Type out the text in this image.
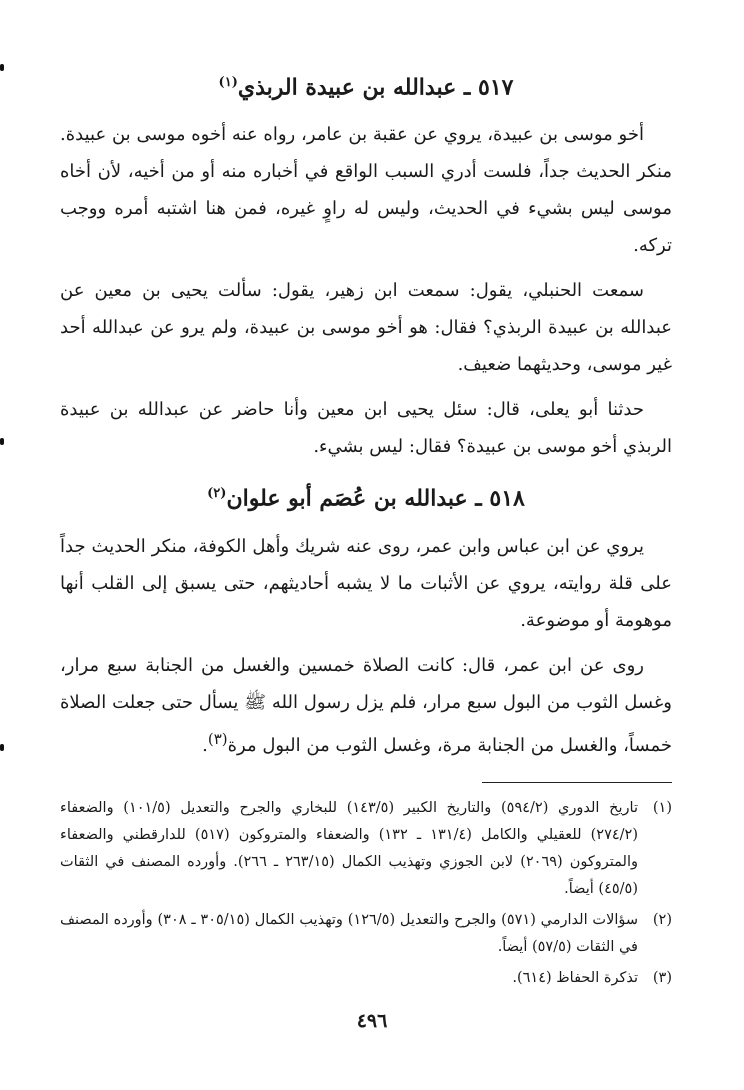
٥١٧ ـ عبدالله بن عبيدة الربذي$^{(١)}$

أخو موسى بن عبيدة، يروي عن عقبة بن عامر، رواه عنه أخوه موسى بن عبيدة. منكر الحديث جداً، فلست أدري السبب الواقع في أخباره منه أو من أخيه، لأن أخاه موسى ليس بشيء في الحديث، وليس له راوٍ غيره، فمن هنا اشتبه أمره ووجب تركه.

سمعت الحنبلي، يقول: سمعت ابن زهير، يقول: سألت يحيى بن معين عن عبدالله بن عبيدة الربذي؟ فقال: هو أخو موسى بن عبيدة، ولم يرو عن عبدالله أحد غير موسى، وحديثهما ضعيف.

حدثنا أبو يعلى، قال: سئل يحيى ابن معين وأنا حاضر عن عبدالله بن عبيدة الربذي أخو موسى بن عبيدة؟ فقال: ليس بشيء.

٥١٨ ـ عبدالله بن عُصَم أبو علوان$^{(٢)}$

يروي عن ابن عباس وابن عمر، روى عنه شريك وأهل الكوفة، منكر الحديث جداً على قلة روايته، يروي عن الأثبات ما لا يشبه أحاديثهم، حتى يسبق إلى القلب أنها موهومة أو موضوعة.

روى عن ابن عمر، قال: كانت الصلاة خمسين والغسل من الجنابة سبع مرار، وغسل الثوب من البول سبع مرار، فلم يزل رسول الله ﷺ يسأل حتى جعلت الصلاة خمساً، والغسل من الجنابة مرة، وغسل الثوب من البول مرة$^{(٣)}$.

(١)
تاريخ الدوري (٥٩٤/٢) والتاريخ الكبير (١٤٣/٥) للبخاري والجرح والتعديل (١٠١/٥) والضعفاء (٢٧٤/٢) للعقيلي والكامل (١٣١/٤ ـ ١٣٢) والضعفاء والمتروكون (٥١٧) للدارقطني والضعفاء والمتروكون (٢٠٦٩) لابن الجوزي وتهذيب الكمال (٢٦٣/١٥ ـ ٢٦٦). وأورده المصنف في الثقات (٤٥/٥) أيضاً.
(٢)
سؤالات الدارمي (٥٧١) والجرح والتعديل (١٢٦/٥) وتهذيب الكمال (٣٠٥/١٥ ـ ٣٠٨) وأورده المصنف في الثقات (٥٧/٥) أيضاً.
(٣)
تذكرة الحفاظ (٦١٤).
٤٩٦
